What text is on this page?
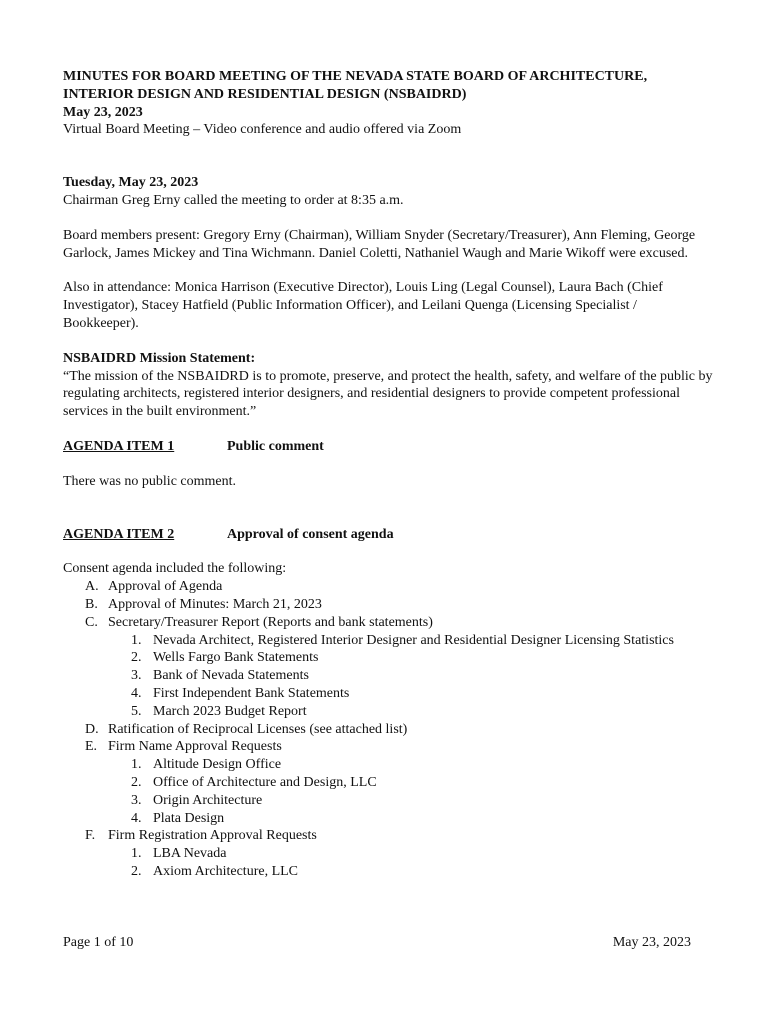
MINUTES FOR BOARD MEETING OF THE NEVADA STATE BOARD OF ARCHITECTURE,

INTERIOR DESIGN AND RESIDENTIAL DESIGN (NSBAIDRD)

May 23, 2023

Virtual Board Meeting – Video conference and audio offered via Zoom

Tuesday, May 23, 2023

Chairman Greg Erny called the meeting to order at 8:35 a.m.

Board members present: Gregory Erny (Chairman), William Snyder (Secretary/Treasurer), Ann Fleming, George Garlock, James Mickey and Tina Wichmann. Daniel Coletti, Nathaniel Waugh and Marie Wikoff were excused.

Also in attendance: Monica Harrison (Executive Director), Louis Ling (Legal Counsel), Laura Bach (Chief Investigator), Stacey Hatfield (Public Information Officer), and Leilani Quenga (Licensing Specialist / Bookkeeper).

NSBAIDRD Mission Statement:

“The mission of the NSBAIDRD is to promote, preserve, and protect the health, safety, and welfare of the public by regulating architects, registered interior designers, and residential designers to provide competent professional services in the built environment.”

AGENDA ITEM 1	Public comment

There was no public comment.

AGENDA ITEM 2	Approval of consent agenda

Consent agenda included the following:

A. Approval of Agenda
B. Approval of Minutes: March 21, 2023
C. Secretary/Treasurer Report (Reports and bank statements)
1. Nevada Architect, Registered Interior Designer and Residential Designer Licensing Statistics
2. Wells Fargo Bank Statements
3. Bank of Nevada Statements
4. First Independent Bank Statements
5. March 2023 Budget Report
D. Ratification of Reciprocal Licenses (see attached list)
E. Firm Name Approval Requests
1. Altitude Design Office
2. Office of Architecture and Design, LLC
3. Origin Architecture
4. Plata Design
F. Firm Registration Approval Requests
1. LBA Nevada
2. Axiom Architecture, LLC
Page 1 of 10	May 23, 2023
